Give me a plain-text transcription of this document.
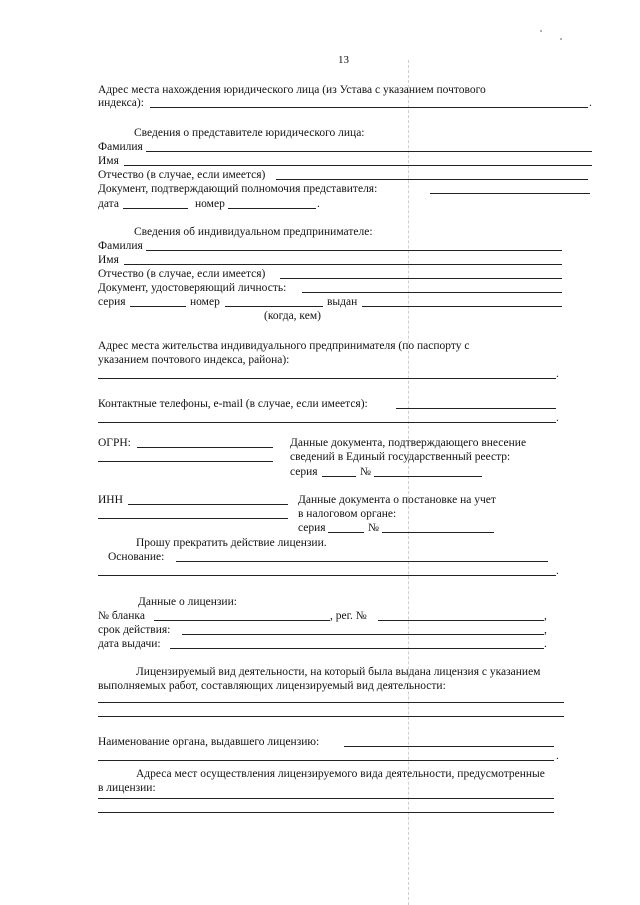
13
Адрес места нахождения юридического лица (из Устава с указанием почтового
индекса):	.
Сведения о представителе юридического лица:
Фамилия
Имя
Отчество (в случае, если имеется)
Документ, подтверждающий полномочия представителя:
дата	номер	.
Сведения об индивидуальном предпринимателе:
Фамилия
Имя
Отчество (в случае, если имеется)
Документ, удостоверяющий личность:
серия	номер	выдан
(когда, кем)
Адрес места жительства индивидуального предпринимателя (по паспорту с
указанием почтового индекса, района):
.
Контактные телефоны, e-mail (в случае, если имеется):
.
ОГРН:	Данные документа, подтверждающего внесение
сведений в Единый государственный реестр:
серия	№
ИНН	Данные документа о постановке на учет
в налоговом органе:
серия	№
Прошу прекратить действие лицензии.
Основание:
.
Данные о лицензии:
№ бланка	, рег. №	,
срок действия:	,
дата выдачи:	.
Лицензируемый вид деятельности, на который была выдана лицензия с указанием
выполняемых работ, составляющих лицензируемый вид деятельности:
Наименование органа, выдавшего лицензию:
.
Адреса мест осуществления лицензируемого вида деятельности, предусмотренные
в лицензии:
